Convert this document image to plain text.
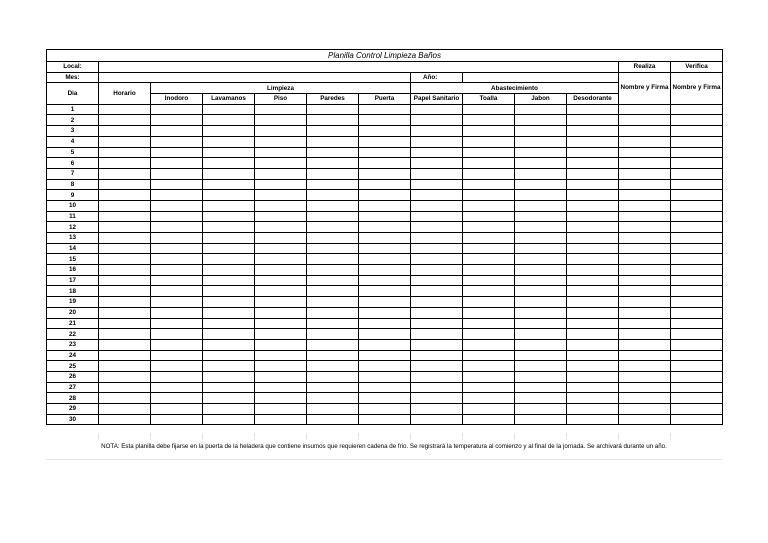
Planilla Control Limpieza Baños												
Local:											Realiza	Verifica
Mes:							Año:				Nombre y Firma	Nombre y Firma
Dia	Horario	Limpieza					Abastecimiento					
		Inodoro	Lavamanos	Piso	Paredes	Puerta	Papel Sanitario	Toalla	Jabon	Desodorante		
1												
2												
3												
4												
5												
6												
7												
8												
9												
10												
11												
12												
13												
14												
15												
16												
17												
18												
19												
20												
21												
22												
23												
24												
25												
26												
27												
28												
29												
30												

NOTA: Esta planilla debe fijarse en la puerta de la heladera que contiene insumos que requieren cadena de frio. Se registrará la temperatura al comienzo y al final de la jornada. Se archivará durante un año.
